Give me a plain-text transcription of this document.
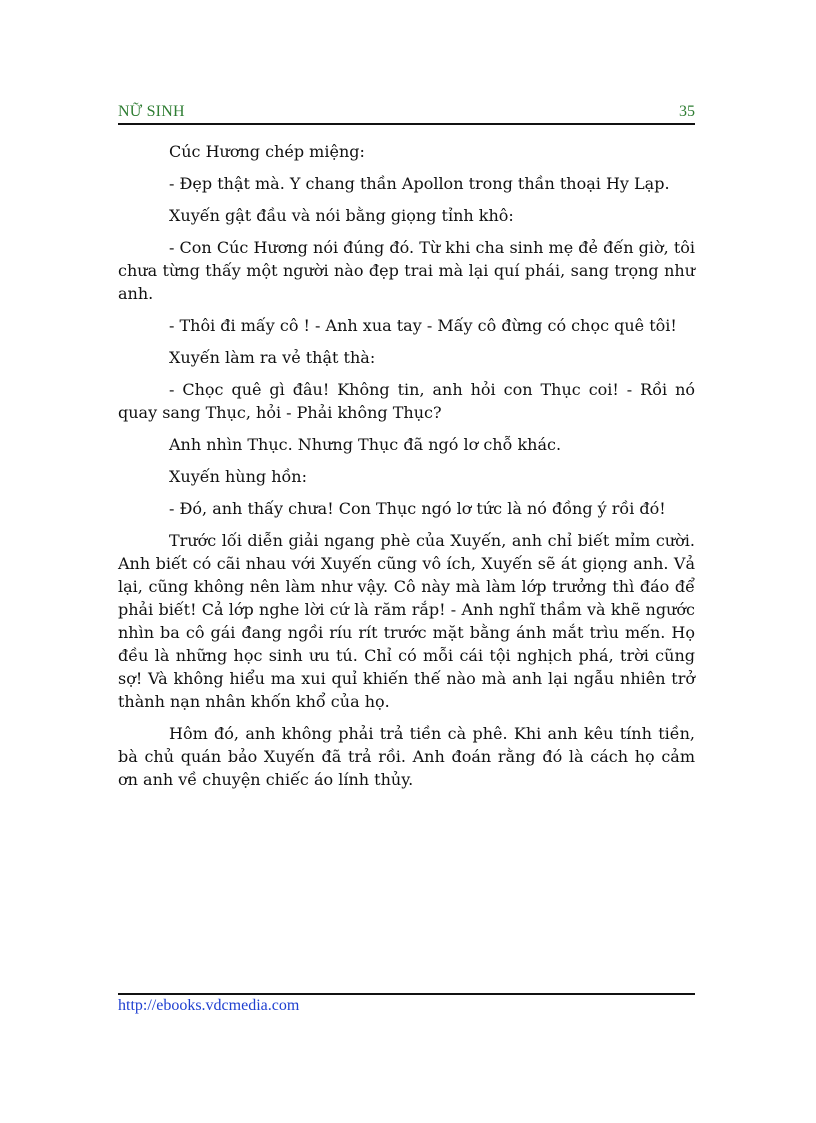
NỮ SINH	35

Cúc Hương chép miệng:

- Đẹp thật mà. Y chang thần Apollon trong thần thoại Hy Lạp.

Xuyến gật đầu và nói bằng giọng tỉnh khô:

- Con Cúc Hương nói đúng đó. Từ khi cha sinh mẹ đẻ đến giờ, tôi chưa từng thấy một người nào đẹp trai mà lại quí phái, sang trọng như anh.

- Thôi đi mấy cô ! - Anh xua tay - Mấy cô đừng có chọc quê tôi!

Xuyến làm ra vẻ thật thà:

- Chọc quê gì đâu! Không tin, anh hỏi con Thục coi! - Rồi nó quay sang Thục, hỏi - Phải không Thục?

Anh nhìn Thục. Nhưng Thục đã ngó lơ chỗ khác.

Xuyến hùng hồn:

- Đó, anh thấy chưa! Con Thục ngó lơ tức là nó đồng ý rồi đó!

Trước lối diễn giải ngang phè của Xuyến, anh chỉ biết mỉm cười. Anh biết có cãi nhau với Xuyến cũng vô ích, Xuyến sẽ át giọng anh. Vả lại, cũng không nên làm như vậy. Cô này mà làm lớp trưởng thì đáo để phải biết! Cả lớp nghe lời cứ là răm rắp! - Anh nghĩ thầm và khẽ ngước nhìn ba cô gái đang ngồi ríu rít trước mặt bằng ánh mắt trìu mến. Họ đều là những học sinh ưu tú. Chỉ có mỗi cái tội nghịch phá, trời cũng sợ! Và không hiểu ma xui quỉ khiến thế nào mà anh lại ngẫu nhiên trở thành nạn nhân khốn khổ của họ.

Hôm đó, anh không phải trả tiền cà phê. Khi anh kêu tính tiền, bà chủ quán bảo Xuyến đã trả rồi. Anh đoán rằng đó là cách họ cảm ơn anh về chuyện chiếc áo lính thủy.

http://ebooks.vdcmedia.com
